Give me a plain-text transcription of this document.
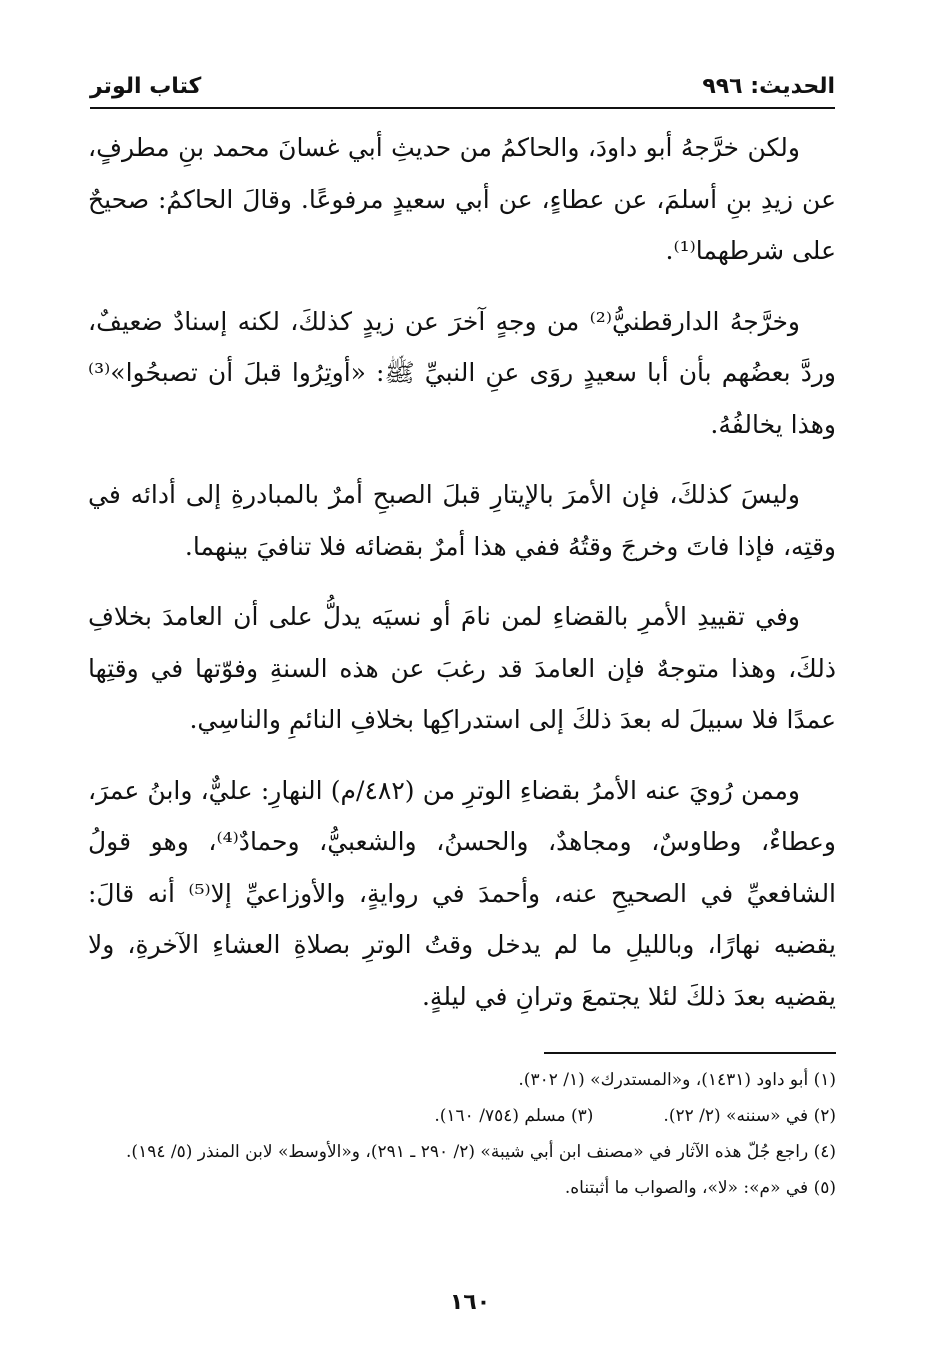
الحديث: ٩٩٦
كتاب الوتر

ولكن خرَّجهُ أبو داودَ، والحاكمُ من حديثِ أبي غسانَ محمد بنِ مطرفٍ، عن زيدِ بنِ أسلمَ، عن عطاءٍ، عن أبي سعيدٍ مرفوعًا. وقالَ الحاكمُ: صحيحٌ على شرطهما⁽¹⁾.

وخرَّجهُ الدارقطنيُّ⁽²⁾ من وجهٍ آخرَ عن زيدٍ كذلكَ، لكنه إسنادٌ ضعيفٌ، وردَّ بعضُهم بأن أبا سعيدٍ روَى عنِ النبيِّ ﷺ: «أوتِرُوا قبلَ أن تصبحُوا»⁽³⁾ وهذا يخالفُهُ.

وليسَ كذلكَ، فإن الأمرَ بالإيتارِ قبلَ الصبحِ أمرٌ بالمبادرةِ إلى أدائه في وقتِه، فإذا فاتَ وخرجَ وقتُهُ ففي هذا أمرٌ بقضائه فلا تنافيَ بينهما.

وفي تقييدِ الأمرِ بالقضاءِ لمن نامَ أو نسيَه يدلُّ على أن العامدَ بخلافِ ذلكَ، وهذا متوجهٌ فإن العامدَ قد رغبَ عن هذه السنةِ وفوّتها في وقتِها عمدًا فلا سبيلَ له بعدَ ذلكَ إلى استدراكِها بخلافِ النائمِ والناسِي.

وممن رُويَ عنه الأمرُ بقضاءِ الوترِ من (٤٨٢/م) النهارِ: عليٌّ، وابنُ عمرَ، وعطاءٌ، وطاوسٌ، ومجاهدٌ، والحسنُ، والشعبيُّ، وحمادٌ⁽⁴⁾، وهو قولُ الشافعيِّ في الصحيحِ عنه، وأحمدَ في روايةٍ، والأوزاعيِّ إلا⁽⁵⁾ أنه قالَ: يقضيه نهارًا، وبالليلِ ما لم يدخل وقتُ الوترِ بصلاةِ العشاءِ الآخرةِ، ولا يقضيه بعدَ ذلكَ لئلا يجتمعَ وترانِ في ليلةٍ.

(١) أبو داود (١٤٣١)، و«المستدرك» (١/ ٣٠٢).

(٢) في «سننه» (٢/ ٢٢).

(٣) مسلم (٧٥٤/ ١٦٠).

(٤) راجع جُلّ هذه الآثار في «مصنف ابن أبي شيبة» (٢/ ٢٩٠ ـ ٢٩١)، و«الأوسط» لابن المنذر (٥/ ١٩٤).

(٥) في «م»: «لا»، والصواب ما أثبتناه.

١٦٠
